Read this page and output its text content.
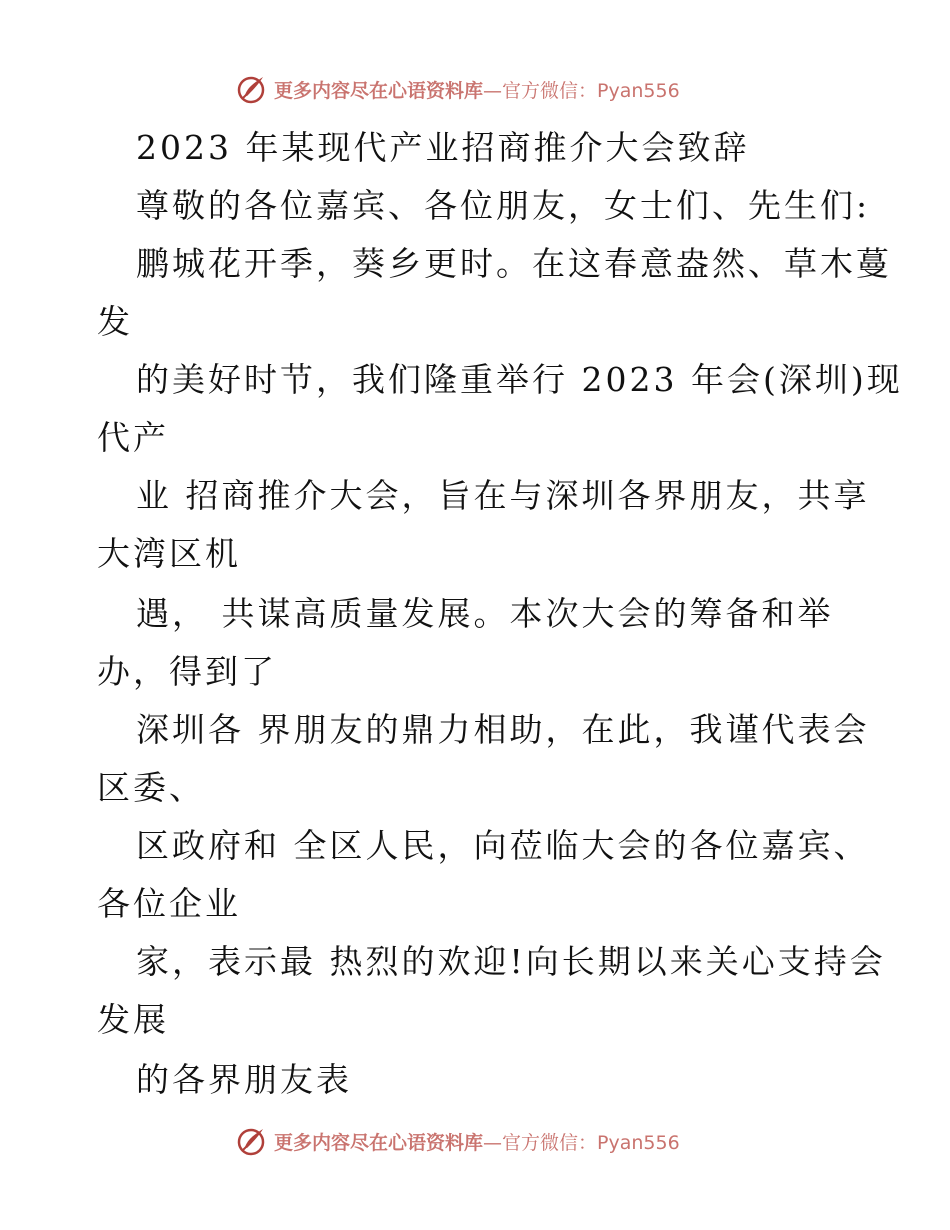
更多内容尽在心语资料库 —官方微信：Pyan556
2023 年某现代产业招商推介大会致辞
尊敬的各位嘉宾、各位朋友，女士们、先生们:
鹏城花开季，葵乡更时。在这春意盎然、草木蔓
发
的美好时节，我们隆重举行 2023 年会(深圳)现
代产
业 招商推介大会，旨在与深圳各界朋友，共享
大湾区机
遇， 共谋高质量发展。本次大会的筹备和举
办，得到了
深圳各 界朋友的鼎力相助，在此，我谨代表会
区委、
区政府和 全区人民，向莅临大会的各位嘉宾、
各位企业
家，表示最 热烈的欢迎!向长期以来关心支持会
发展
的各界朋友表
更多内容尽在心语资料库 —官方微信：Pyan556
